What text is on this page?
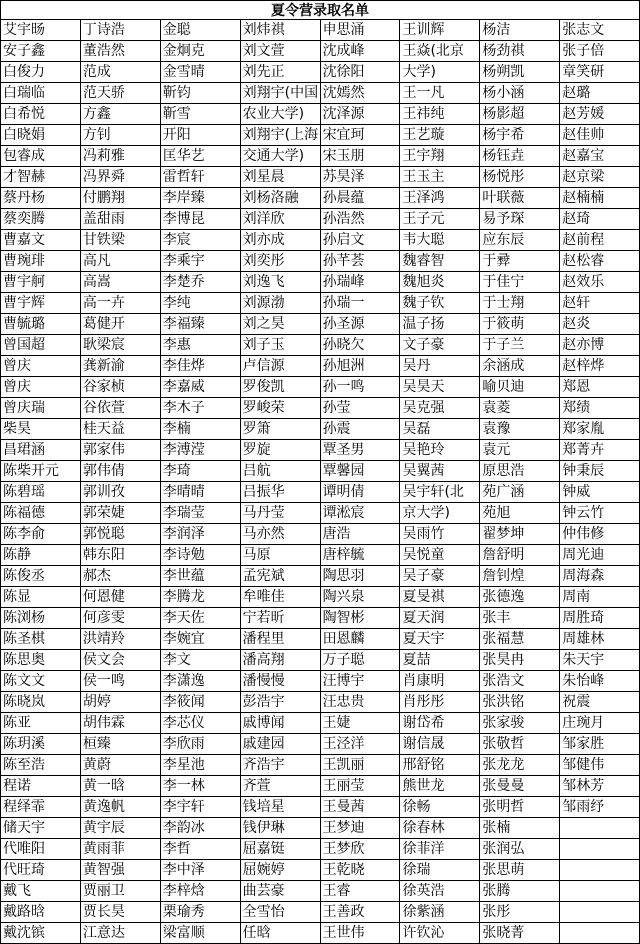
夏令营录取名单
艾宇旸
安子鑫
白俊力
白瑞临
白希悦
白晓娟
包睿成
才智赫
蔡丹杨
蔡奕腾
曹嘉文
曹琬琲
曹宇舸
曹宇辉
曹毓璐
曾国超
曾庆
曾庆
曾庆瑞
柴昊
昌珺涵
陈柴开元
陈碧瑶
陈福德
陈李俞
陈静
陈俊丞
陈显
陈浏杨
陈圣棋
陈思奥
陈文文
陈晓岚
陈亚
陈玥溪
陈至浩
程诺
程绎霏
储天宇
代唯阳
代旺琦
戴飞
戴路晗
戴沈镔
丁诗浩
董浩然
范成
范天骄
方鑫
方钊
冯莉雅
冯界舜
付鹏翔
盖甜雨
甘铁梁
高凡
高嵩
高一卉
葛健开
耿梁宸
龚新渝
谷家桢
谷依萱
桂天益
郭家伟
郭伟倩
郭训孜
郭荣婕
郭悦聪
韩东阳
郝杰
何恩健
何彦雯
洪靖羚
侯文会
侯一鸣
胡婷
胡伟霖
桓臻
黄蔚
黄一晗
黄逸帆
黄宇辰
黄雨菲
黄智强
贾丽卫
贾长昊
江意达
金聪
金炯克
金雪晴
靳钧
靳雪
开阳
匡华艺
雷哲轩
李岸臻
李博昆
李宸
李乘宇
李楚乔
李纯
李福臻
李惠
李佳烨
李嘉威
李木子
李楠
李溥滢
李琦
李晴晴
李瑞莹
李润泽
李诗勉
李世蕴
李腾龙
李天佐
李婉宜
李文
李潇逸
李筱闻
李芯仪
李欣雨
李星池
李一林
李宇轩
李韵冰
李哲
李中泽
李梓焓
栗瑜秀
梁富顺
刘炜祺
刘文萱
刘先正
刘翔宇(中国
农业大学)
刘翔宇(上海
交通大学)
刘星晨
刘杨洛融
刘洋欣
刘亦成
刘奕彤
刘逸飞
刘源渤
刘之昊
刘子玉
卢信源
罗俊凯
罗峻荣
罗箫
罗旋
吕航
吕振华
马丹莹
马亦然
马原
孟宪斌
牟唯佳
宁若昕
潘程里
潘高翔
潘慢慢
彭浩宇
戚博闻
戚建园
齐浩宇
齐萱
钱培星
钱伊琳
屈嘉铤
屈婉婷
曲芸豪
全雪怡
任晗
申思涌
沈成峰
沈徐阳
沈嫣然
沈泽源
宋宜珂
宋玉朋
苏昊泽
孙晨蕴
孙浩然
孙启文
孙芊荟
孙瑞峰
孙瑞一
孙圣源
孙晓欠
孙旭洲
孙一鸣
孙莹
孙震
覃圣男
覃馨园
谭明倩
谭淞宸
唐浩
唐梓毓
陶思羽
陶兴泉
陶智彬
田恩麟
万子聪
汪博宇
汪忠贵
王婕
王泾洋
王凯丽
王丽莹
王曼茜
王梦迪
王梦欣
王乾晓
王睿
王善政
王世伟
王训辉
王焱(北京
大学)
王一凡
王祎纯
王艺璇
王宇翔
王玉主
王泽鸿
王子元
韦大聪
魏睿智
魏旭炎
魏子钦
温子扬
文子豪
吴丹
吴昊天
吴克强
吴磊
吴艳玲
吴翼茜
吴宇轩(北
京大学)
吴雨竹
吴悦童
吴子豪
夏旻祺
夏天润
夏天宇
夏喆
肖康明
肖彤彤
谢岱希
谢信晟
邢舒铭
熊世龙
徐畅
徐春林
徐菲洋
徐瑞
徐英浩
徐紫涵
许钦沁
杨洁
杨劲祺
杨朔凯
杨小涵
杨影超
杨宇希
杨钰垚
杨悦彤
叶联薇
易予琛
应东辰
于彛
于佳宁
于士翔
于筱萌
于子兰
余涵成
喻贝迪
袁菱
袁豫
袁元
原思浩
苑广涵
苑旭
翟梦坤
詹舒明
詹钊煌
张德逸
张丰
张福慧
张昊冉
张浩文
张洪铭
张家骏
张敬哲
张龙龙
张曼曼
张明哲
张楠
张润弘
张思萌
张腾
张彤
张晓菁
张志文
张子倍
章笑研
赵璐
赵芳媛
赵佳帅
赵嘉宝
赵京梁
赵楠楠
赵琦
赵前程
赵松睿
赵效乐
赵轩
赵炎
赵亦博
赵梓烨
郑恩
郑绩
郑家胤
郑菁卉
钟秉辰
钟威
钟云竹
仲伟修
周光迪
周海森
周南
周胜琦
周雄林
朱天宇
朱怡峰
祝震
庄琬月
邹家胜
邹健伟
邹林芳
邹雨纾
